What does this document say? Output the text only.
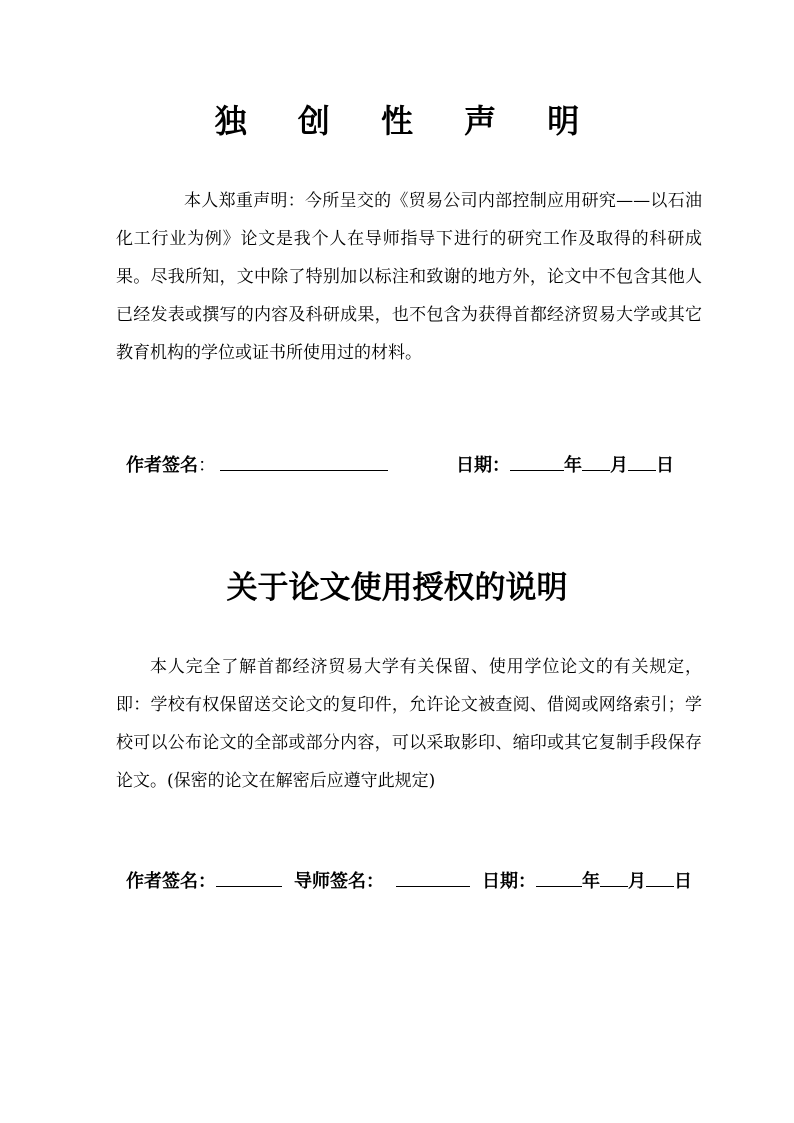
独 创 性 声 明

本人郑重声明：今所呈交的《贸易公司内部控制应用研究——以石油化工行业为例》论文是我个人在导师指导下进行的研究工作及取得的科研成果。尽我所知，文中除了特别加以标注和致谢的地方外，论文中不包含其他人已经发表或撰写的内容及科研成果，也不包含为获得首都经济贸易大学或其它教育机构的学位或证书所使用过的材料。

作者签名 ：	日期：	年 月 日
关于论文使用授权的说明

本人完全了解首都经济贸易大学有关保留、使用学位论文的有关规定，即：学校有权保留送交论文的复印件，允许论文被查阅、借阅或网络索引；学校可以公布论文的全部或部分内容，可以采取影印、缩印或其它复制手段保存论文。(保密的论文在解密后应遵守此规定)

作者签名：	导师签名：	日期：	年 月 日
